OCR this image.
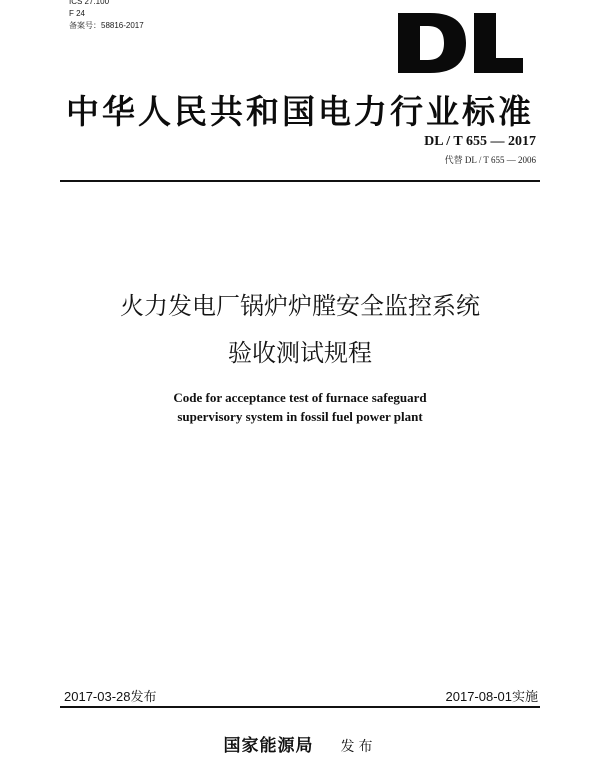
ICS 27.100
F 24
备案号：58816-2017
中华人民共和国电力行业标准
DL / T 655 — 2017
代替 DL / T 655 — 2006
火力发电厂锅炉炉膛安全监控系统
验收测试规程
Code for acceptance test of furnace safeguard
supervisory system in fossil fuel power plant
2017-03-28发布	2017-08-01实施
国家能源局 发布
